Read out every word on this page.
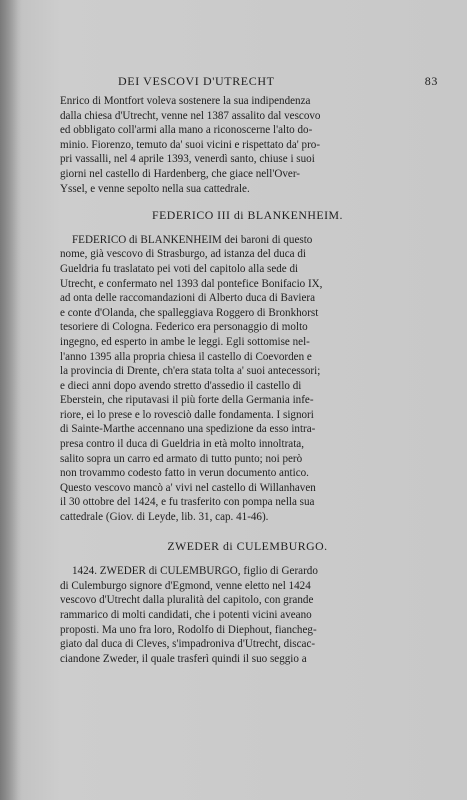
DEI VESCOVI D'UTRECHT	83
Enrico di Montfort voleva sostenere la sua indipendenza
dalla chiesa d'Utrecht, venne nel 1387 assalito dal vescovo
ed obbligato coll'armi alla mano a riconoscerne l'alto do-
minio. Fiorenzo, temuto da' suoi vicini e rispettato da' pro-
pri vassalli, nel 4 aprile 1393, venerdì santo, chiuse i suoi
giorni nel castello di Hardenberg, che giace nell'Over-
Yssel, e venne sepolto nella sua cattedrale.
FEDERICO III di BLANKENHEIM.
FEDERICO di BLANKENHEIM dei baroni di questo
nome, già vescovo di Strasburgo, ad istanza del duca di
Gueldria fu traslatato pei voti del capitolo alla sede di
Utrecht, e confermato nel 1393 dal pontefice Bonifacio IX,
ad onta delle raccomandazioni di Alberto duca di Baviera
e conte d'Olanda, che spalleggiava Roggero di Bronkhorst
tesoriere di Cologna. Federico era personaggio di molto
ingegno, ed esperto in ambe le leggi. Egli sottomise nel-
l'anno 1395 alla propria chiesa il castello di Coevorden e
la provincia di Drente, ch'era stata tolta a' suoi antecessori;
e dieci anni dopo avendo stretto d'assedio il castello di
Eberstein, che riputavasi il più forte della Germania infe-
riore, ei lo prese e lo rovesciò dalle fondamenta. I signori
di Sainte-Marthe accennano una spedizione da esso intra-
presa contro il duca di Gueldria in età molto innoltrata,
salito sopra un carro ed armato di tutto punto; noi però
non trovammo codesto fatto in verun documento antico.
Questo vescovo mancò a' vivi nel castello di Willanhaven
il 30 ottobre del 1424, e fu trasferito con pompa nella sua
cattedrale (Giov. di Leyde, lib. 31, cap. 41-46).
ZWEDER di CULEMBURGO.
1424. ZWEDER di CULEMBURGO, figlio di Gerardo
di Culemburgo signore d'Egmond, venne eletto nel 1424
vescovo d'Utrecht dalla pluralità del capitolo, con grande
rammarico di molti candidati, che i potenti vicini aveano
proposti. Ma uno fra loro, Rodolfo di Diephout, fiancheg-
giato dal duca di Cleves, s'impadroniva d'Utrecht, discac-
ciandone Zweder, il quale trasferì quindi il suo seggio a
